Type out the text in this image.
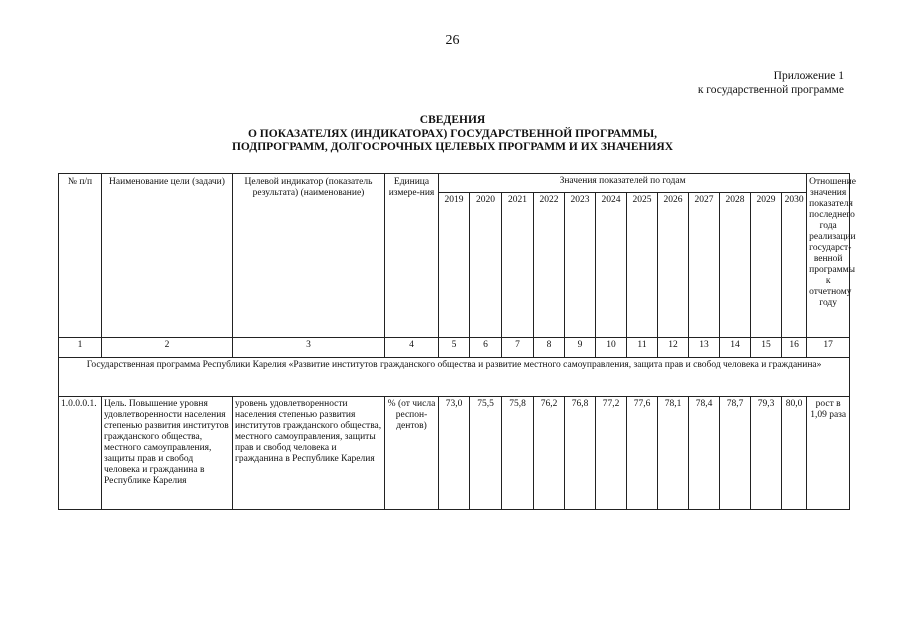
26
Приложение 1
к государственной программе
СВЕДЕНИЯ
О ПОКАЗАТЕЛЯХ (ИНДИКАТОРАХ) ГОСУДАРСТВЕННОЙ ПРОГРАММЫ,
ПОДПРОГРАММ, ДОЛГОСРОЧНЫХ ЦЕЛЕВЫХ ПРОГРАММ И ИХ ЗНАЧЕНИЯХ
№ п/п	Наименование цели (задачи)	Целевой индикатор (показатель результата) (наименование)	Единица измере-ния	Значения показателей по годам												Отношение значения показателя последнего года реализации государст-венной программы к отчетному году
				2019	2020	2021	2022	2023	2024	2025	2026	2027	2028	2029	2030	
1	2	3	4	5	6	7	8	9	10	11	12	13	14	15	16	17
Государственная программа Республики Карелия «Развитие институтов гражданского общества и развитие местного самоуправления, защита прав и свобод человека и гражданина»																
1.0.0.0.1.	Цель. Повышение уровня удовлетворенности населения степенью развития институтов гражданского общества, местного самоуправления, защиты прав и свобод человека и гражданина в Республике Карелия	уровень удовлетворенности населения степенью развития институтов гражданского общества, местного самоуправления, защиты прав и свобод человека и гражданина в Республике Карелия	% (от числа респон-дентов)	73,0	75,5	75,8	76,2	76,8	77,2	77,6	78,1	78,4	78,7	79,3	80,0	рост в 1,09 раза
